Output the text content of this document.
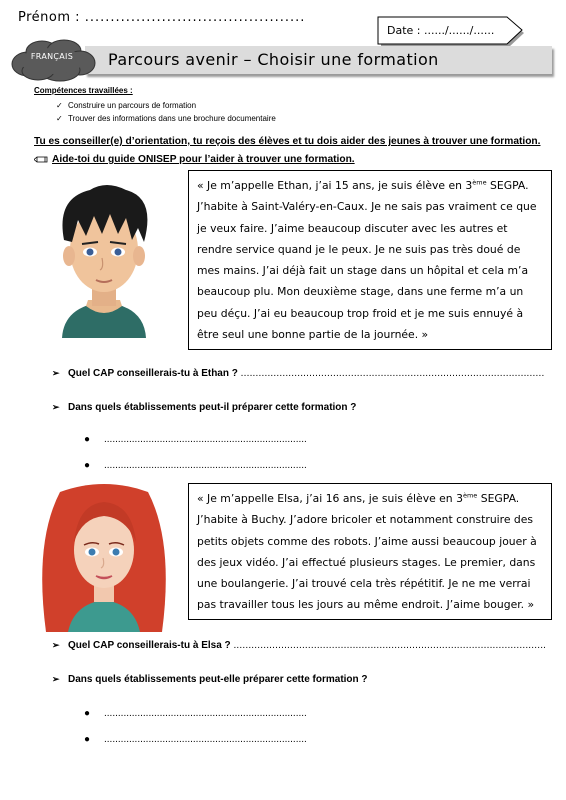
Prénom : ...........................................
Date : ....../....../......
Parcours avenir – Choisir une formation
FRANÇAIS
Compétences travaillées :
✓ Construire un parcours de formation
✓ Trouver des informations dans une brochure documentaire
Tu es conseiller(e) d’orientation, tu reçois des élèves et tu dois aider des jeunes à trouver une formation.
Aide-toi du guide ONISEP pour l’aider à trouver une formation.
« Je m’appelle Ethan, j’ai 15 ans, je suis élève en 3ème SEGPA. J’habite à Saint-Valéry-en-Caux. Je ne sais pas vraiment ce que je veux faire. J’aime beaucoup discuter avec les autres et rendre service quand je le peux. Je ne suis pas très doué de mes mains. J’ai déjà fait un stage dans un hôpital et cela m’a beaucoup plu. Mon deuxième stage, dans une ferme m’a un peu déçu. J’ai eu beaucoup trop froid et je me suis ennuyé à être seul une bonne partie de la journée. »
➢ Quel CAP conseillerais-tu à Ethan ?
......................................................................................................
➢ Dans quels établissements peut-il préparer cette formation ?
●	.........................................................................
●	.........................................................................
« Je m’appelle Elsa, j’ai 16 ans, je suis élève en 3ème SEGPA. J’habite à Buchy. J’adore bricoler et notamment construire des petits objets comme des robots. J’aime aussi beaucoup jouer à des jeux vidéo. J’ai effectué plusieurs stages. Le premier, dans une boulangerie. J’ai trouvé cela très répétitif. Je ne me verrai pas travailler tous les jours au même endroit. J’aime bouger. »
➢ Quel CAP conseillerais-tu à Elsa ?
.........................................................................................................
➢ Dans quels établissements peut-elle préparer cette formation ?
●	.........................................................................
●	.........................................................................
